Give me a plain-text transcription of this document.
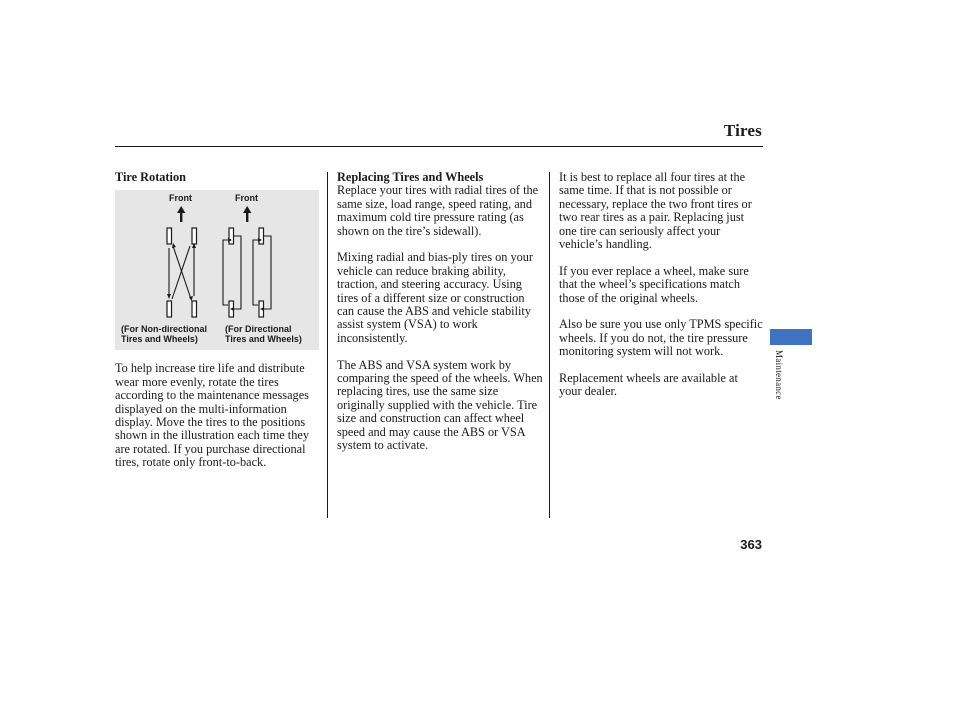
Tires
Tire Rotation
Front	Front
(For Non-directional
Tires and Wheels)
(For Directional
Tires and Wheels)

To help increase tire life and distribute wear more evenly, rotate the tires according to the maintenance messages displayed on the multi-information display. Move the tires to the positions shown in the illustration each time they are rotated. If you purchase directional tires, rotate only front-to-back.

Replacing Tires and Wheels

Replace your tires with radial tires of the same size, load range, speed rating, and maximum cold tire pressure rating (as shown on the tire’s sidewall).

Mixing radial and bias-ply tires on your vehicle can reduce braking ability, traction, and steering accuracy. Using tires of a different size or construction can cause the ABS and vehicle stability assist system (VSA) to work inconsistently.

The ABS and VSA system work by comparing the speed of the wheels. When replacing tires, use the same size originally supplied with the vehicle. Tire size and construction can affect wheel speed and may cause the ABS or VSA system to activate.

It is best to replace all four tires at the same time. If that is not possible or necessary, replace the two front tires or two rear tires as a pair. Replacing just one tire can seriously affect your vehicle’s handling.

If you ever replace a wheel, make sure that the wheel’s specifications match those of the original wheels.

Also be sure you use only TPMS specific wheels. If you do not, the tire pressure monitoring system will not work.

Replacement wheels are available at your dealer.	Maintenance
363
